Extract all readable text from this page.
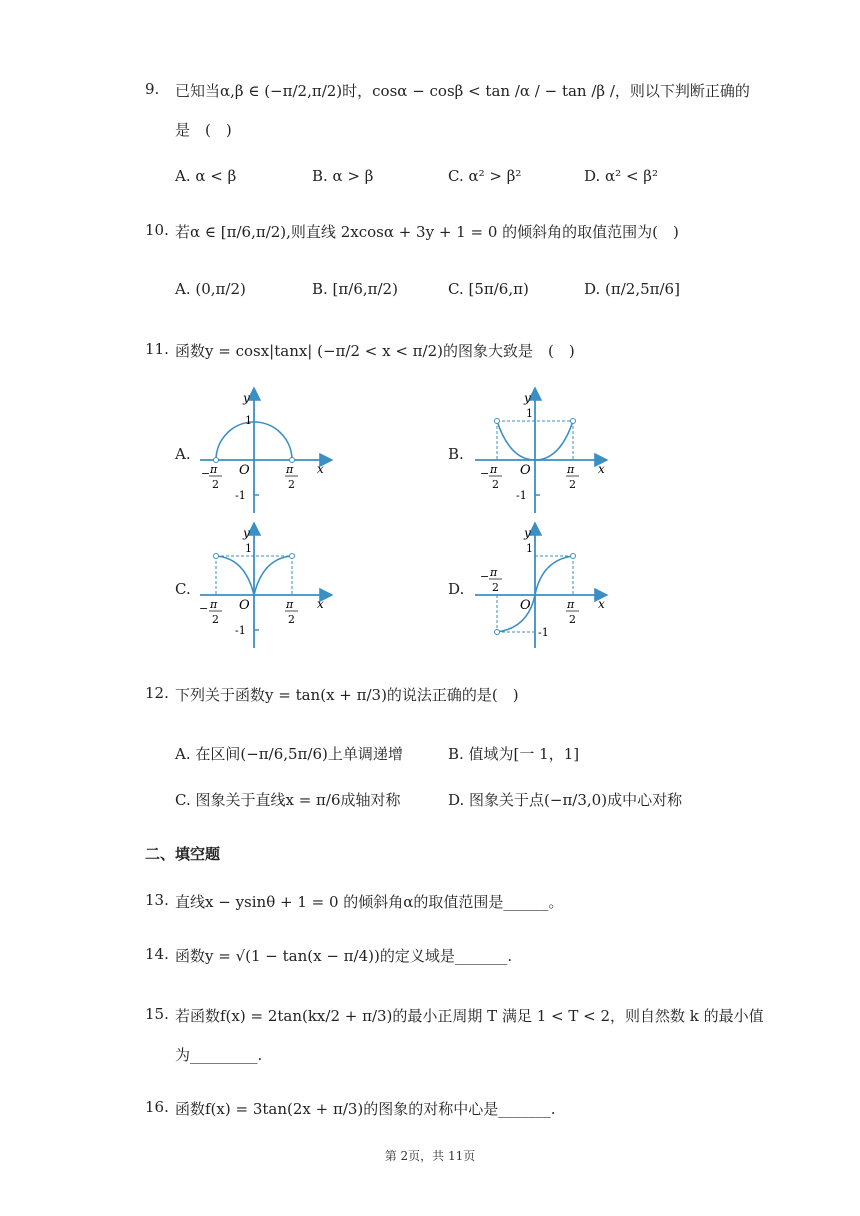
9. 已知当α,β ∈ (−π/2,π/2)时，cosα − cosβ < tan /α / − tan /β /，则以下判断正确的
是　(　)
A. α < β	B. α > β	C. α² > β²	D. α² < β²
10. 若α ∈ [π/6,π/2),则直线 2xcosα + 3y + 1 = 0 的倾斜角的取值范围为(　)
A. (0,π/2)	B. [π/6,π/2)	C. [5π/6,π)	D. (π/2,5π/6]
11. 函数y = cosx|tanx| (−π/2 < x < π/2)的图象大致是　(　)
A.	B.
C.	D.
y
1
O	x
-1
− π
2
π
2
y
1
O	x
-1
− π
2
π
2
y
1
O	x
-1
− π
2
π
2
y
1
O	x
-1
− π
2
π
2
12. 下列关于函数y = tan(x + π/3)的说法正确的是(　)
A. 在区间(−π/6,5π/6)上单调递增	B. 值域为[一 1，1]
C. 图象关于直线x = π/6成轴对称	D. 图象关于点(−π/3,0)成中心对称
二、填空题
13. 直线x − ysinθ + 1 = 0 的倾斜角α的取值范围是______。
14. 函数y = √(1 − tan(x − π/4))的定义域是_______.
15. 若函数f(x) = 2tan(kx/2 + π/3)的最小正周期 T 满足 1 < T < 2，则自然数 k 的最小值
为_________.
16. 函数f(x) = 3tan(2x + π/3)的图象的对称中心是_______.
第 2页，共 11页
